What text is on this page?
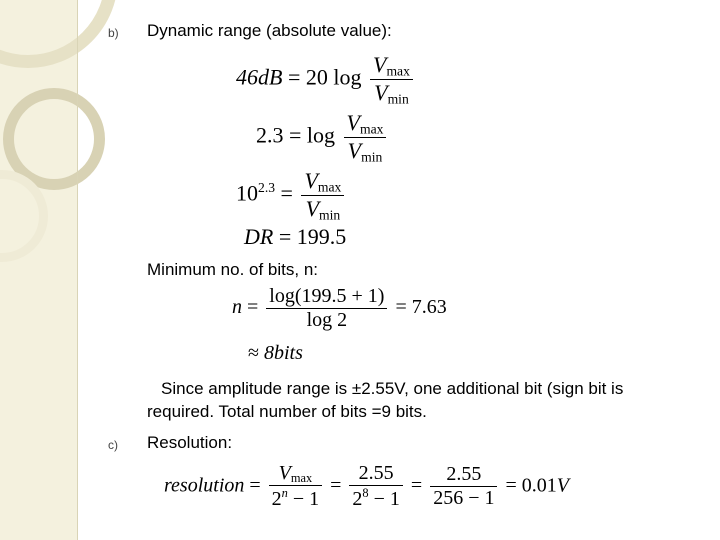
b) Dynamic range (absolute value):
46dB = 20 $\log \frac{V_{max}}{V_{min}}$
$2.3 = \log \frac{V_{max}}{V_{min}}$
$10^{2.3} = \frac{V_{max}}{V_{min}}$
DR = 199.5
Minimum no. of bits, n:
$n = \frac{\log(199.5 + 1)}{\log 2} = 7.63$
≈ 8bits
Since amplitude range is ±2.55V, one additional bit (sign bit is required. Total number of bits =9 bits.
c) Resolution:
resolution = $\frac{V_{max}}{2^n - 1} = \frac{2.55}{2^8 - 1} = \frac{2.55}{256 - 1} = 0.01V$
